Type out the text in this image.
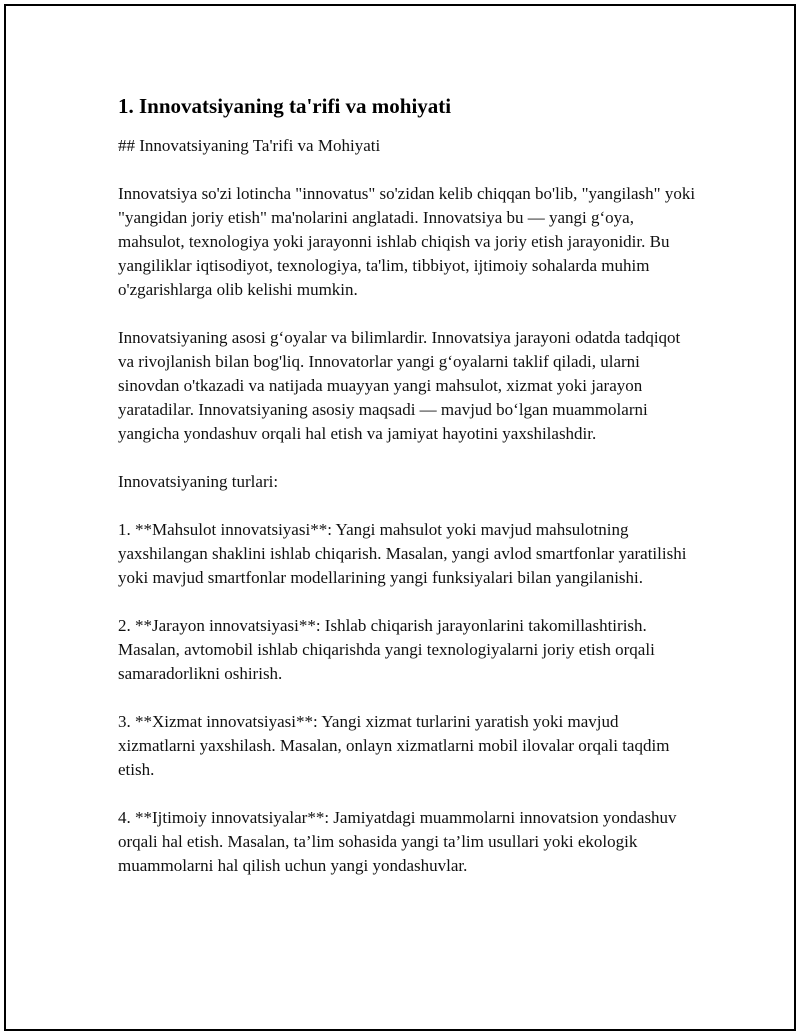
1. Innovatsiyaning ta'rifi va mohiyati

## Innovatsiyaning Ta'rifi va Mohiyati

Innovatsiya so'zi lotincha "innovatus" so'zidan kelib chiqqan bo'lib, "yangilash" yoki "yangidan joriy etish" ma'nolarini anglatadi. Innovatsiya bu — yangi g‘oya, mahsulot, texnologiya yoki jarayonni ishlab chiqish va joriy etish jarayonidir. Bu yangiliklar iqtisodiyot, texnologiya, ta'lim, tibbiyot, ijtimoiy sohalarda muhim o'zgarishlarga olib kelishi mumkin.

Innovatsiyaning asosi g‘oyalar va bilimlardir. Innovatsiya jarayoni odatda tadqiqot va rivojlanish bilan bog'liq. Innovatorlar yangi g‘oyalarni taklif qiladi, ularni sinovdan o'tkazadi va natijada muayyan yangi mahsulot, xizmat yoki jarayon yaratadilar. Innovatsiyaning asosiy maqsadi — mavjud bo‘lgan muammolarni yangicha yondashuv orqali hal etish va jamiyat hayotini yaxshilashdir.

Innovatsiyaning turlari:

1. **Mahsulot innovatsiyasi**: Yangi mahsulot yoki mavjud mahsulotning yaxshilangan shaklini ishlab chiqarish. Masalan, yangi avlod smartfonlar yaratilishi yoki mavjud smartfonlar modellarining yangi funksiyalari bilan yangilanishi.

2. **Jarayon innovatsiyasi**: Ishlab chiqarish jarayonlarini takomillashtirish. Masalan, avtomobil ishlab chiqarishda yangi texnologiyalarni joriy etish orqali samaradorlikni oshirish.

3. **Xizmat innovatsiyasi**: Yangi xizmat turlarini yaratish yoki mavjud xizmatlarni yaxshilash. Masalan, onlayn xizmatlarni mobil ilovalar orqali taqdim etish.

4. **Ijtimoiy innovatsiyalar**: Jamiyatdagi muammolarni innovatsion yondashuv orqali hal etish. Masalan, ta’lim sohasida yangi ta’lim usullari yoki ekologik muammolarni hal qilish uchun yangi yondashuvlar.
